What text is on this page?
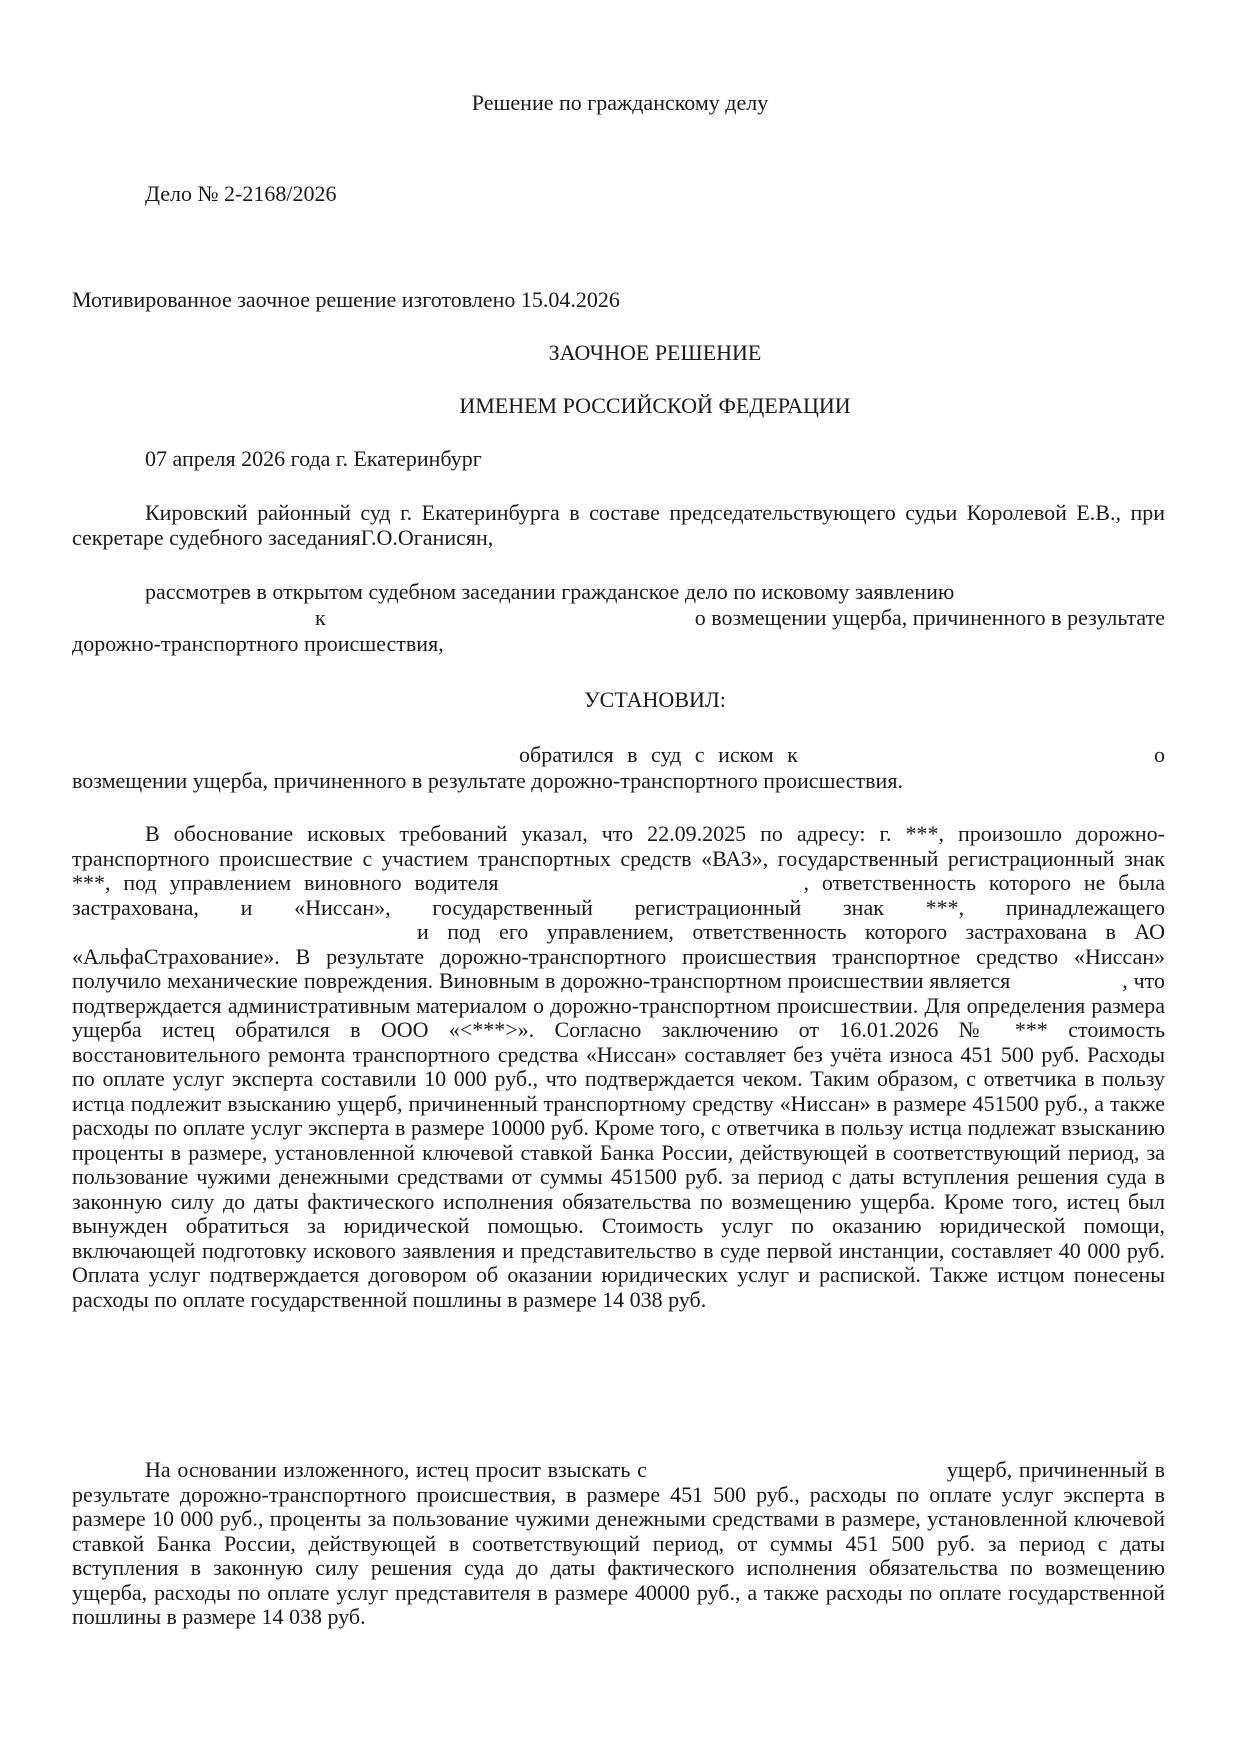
Решение по гражданскому делу
Дело № 2-2168/2026
Мотивированное заочное решение изготовлено 15.04.2026
ЗАОЧНОЕ РЕШЕНИЕ
ИМЕНЕМ РОССИЙСКОЙ ФЕДЕРАЦИИ
07 апреля 2026 года г. Екатеринбург

Кировский районный суд г. Екатеринбурга в составе председательствующего судьи Королевой Е.В., при секретаре судебного заседанияГ.О.Оганисян,

рассмотрев в открытом судебном заседании гражданское дело по исковому заявлению
к	о возмещении ущерба, причиненного в результате
дорожно-транспортного происшествия,
УСТАНОВИЛ:
обратился в суд с иском к	о
возмещении ущерба, причиненного в результате дорожно-транспортного происшествия.

В обоснование исковых требований указал, что 22.09.2025 по адресу: г. ***, произошло дорожно-транспортного происшествие с участием транспортных средств «ВАЗ», государственный регистрационный знак ***, под управлением виновного водителя	, ответственность которого не была застрахована, и «Ниссан», государственный регистрационный знак ***, принадлежащегои под его управлением, ответственность которого застрахована в АО «АльфаСтрахование». В результате дорожно-транспортного происшествия транспортное средство «Ниссан» получило механические повреждения. Виновным в дорожно-транспортном происшествии является	, что подтверждается административным материалом о дорожно-транспортном происшествии. Для определения размера ущерба истец обратился в ООО «<***>». Согласно заключению от 16.01.2026 № *** стоимость восстановительного ремонта транспортного средства «Ниссан» составляет без учёта износа 451 500 руб. Расходы по оплате услуг эксперта составили 10 000 руб., что подтверждается чеком. Таким образом, с ответчика в пользу истца подлежит взысканию ущерб, причиненный транспортному средству «Ниссан» в размере 451500 руб., а также расходы по оплате услуг эксперта в размере 10000 руб. Кроме того, с ответчика в пользу истца подлежат взысканию проценты в размере, установленной ключевой ставкой Банка России, действующей в соответствующий период, за пользование чужими денежными средствами от суммы 451500 руб. за период с даты вступления решения суда в законную силу до даты фактического исполнения обязательства по возмещению ущерба. Кроме того, истец был вынужден обратиться за юридической помощью. Стоимость услуг по оказанию юридической помощи, включающей подготовку искового заявления и представительство в суде первой инстанции, составляет 40 000 руб. Оплата услуг подтверждается договором об оказании юридических услуг и распиской. Также истцом понесены расходы по оплате государственной пошлины в размере 14 038 руб.

На основании изложенного, истец просит взыскать с	ущерб, причиненный в результате дорожно-транспортного происшествия, в размере 451 500 руб., расходы по оплате услуг эксперта в размере 10 000 руб., проценты за пользование чужими денежными средствами в размере, установленной ключевой ставкой Банка России, действующей в соответствующий период, от суммы 451 500 руб. за период с даты вступления в законную силу решения суда до даты фактического исполнения обязательства по возмещению ущерба, расходы по оплате услуг представителя в размере 40000 руб., а также расходы по оплате государственной пошлины в размере 14 038 руб.
